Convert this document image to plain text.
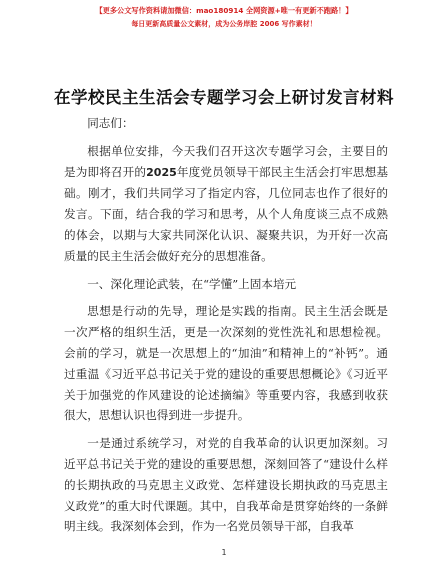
【更多公文写作资料请加微信：mao180914 全网资源+唯一有更新不跑路！】
每日更新高质量公文素材，成为公务岸腔 2006 写作素材！
在学校民主生活会专题学习会上研讨发言材料

同志们：

根据单位安排，今天我们召开这次专题学习会，主要目的是为即将召开的2025年度党员领导干部民主生活会打牢思想基础。刚才，我们共同学习了指定内容，几位同志也作了很好的发言。下面，结合我的学习和思考，从个人角度谈三点不成熟的体会，以期与大家共同深化认识、凝聚共识，为开好一次高质量的民主生活会做好充分的思想准备。

一、深化理论武装，在“学懂”上固本培元

思想是行动的先导，理论是实践的指南。民主生活会既是一次严格的组织生活，更是一次深刻的党性洗礼和思想检视。会前的学习，就是一次思想上的“加油”和精神上的“补钙”。通过重温《习近平总书记关于党的建设的重要思想概论》《习近平关于加强党的作风建设的论述摘编》等重要内容，我感到收获很大，思想认识也得到进一步提升。

一是通过系统学习，对党的自我革命的认识更加深刻。习近平总书记关于党的建设的重要思想，深刻回答了“建设什么样的长期执政的马克思主义政党、怎样建设长期执政的马克思主义政党”的重大时代课题。其中，自我革命是贯穿始终的一条鲜明主线。我深刻体会到，作为一名党员领导干部，自我革

1
